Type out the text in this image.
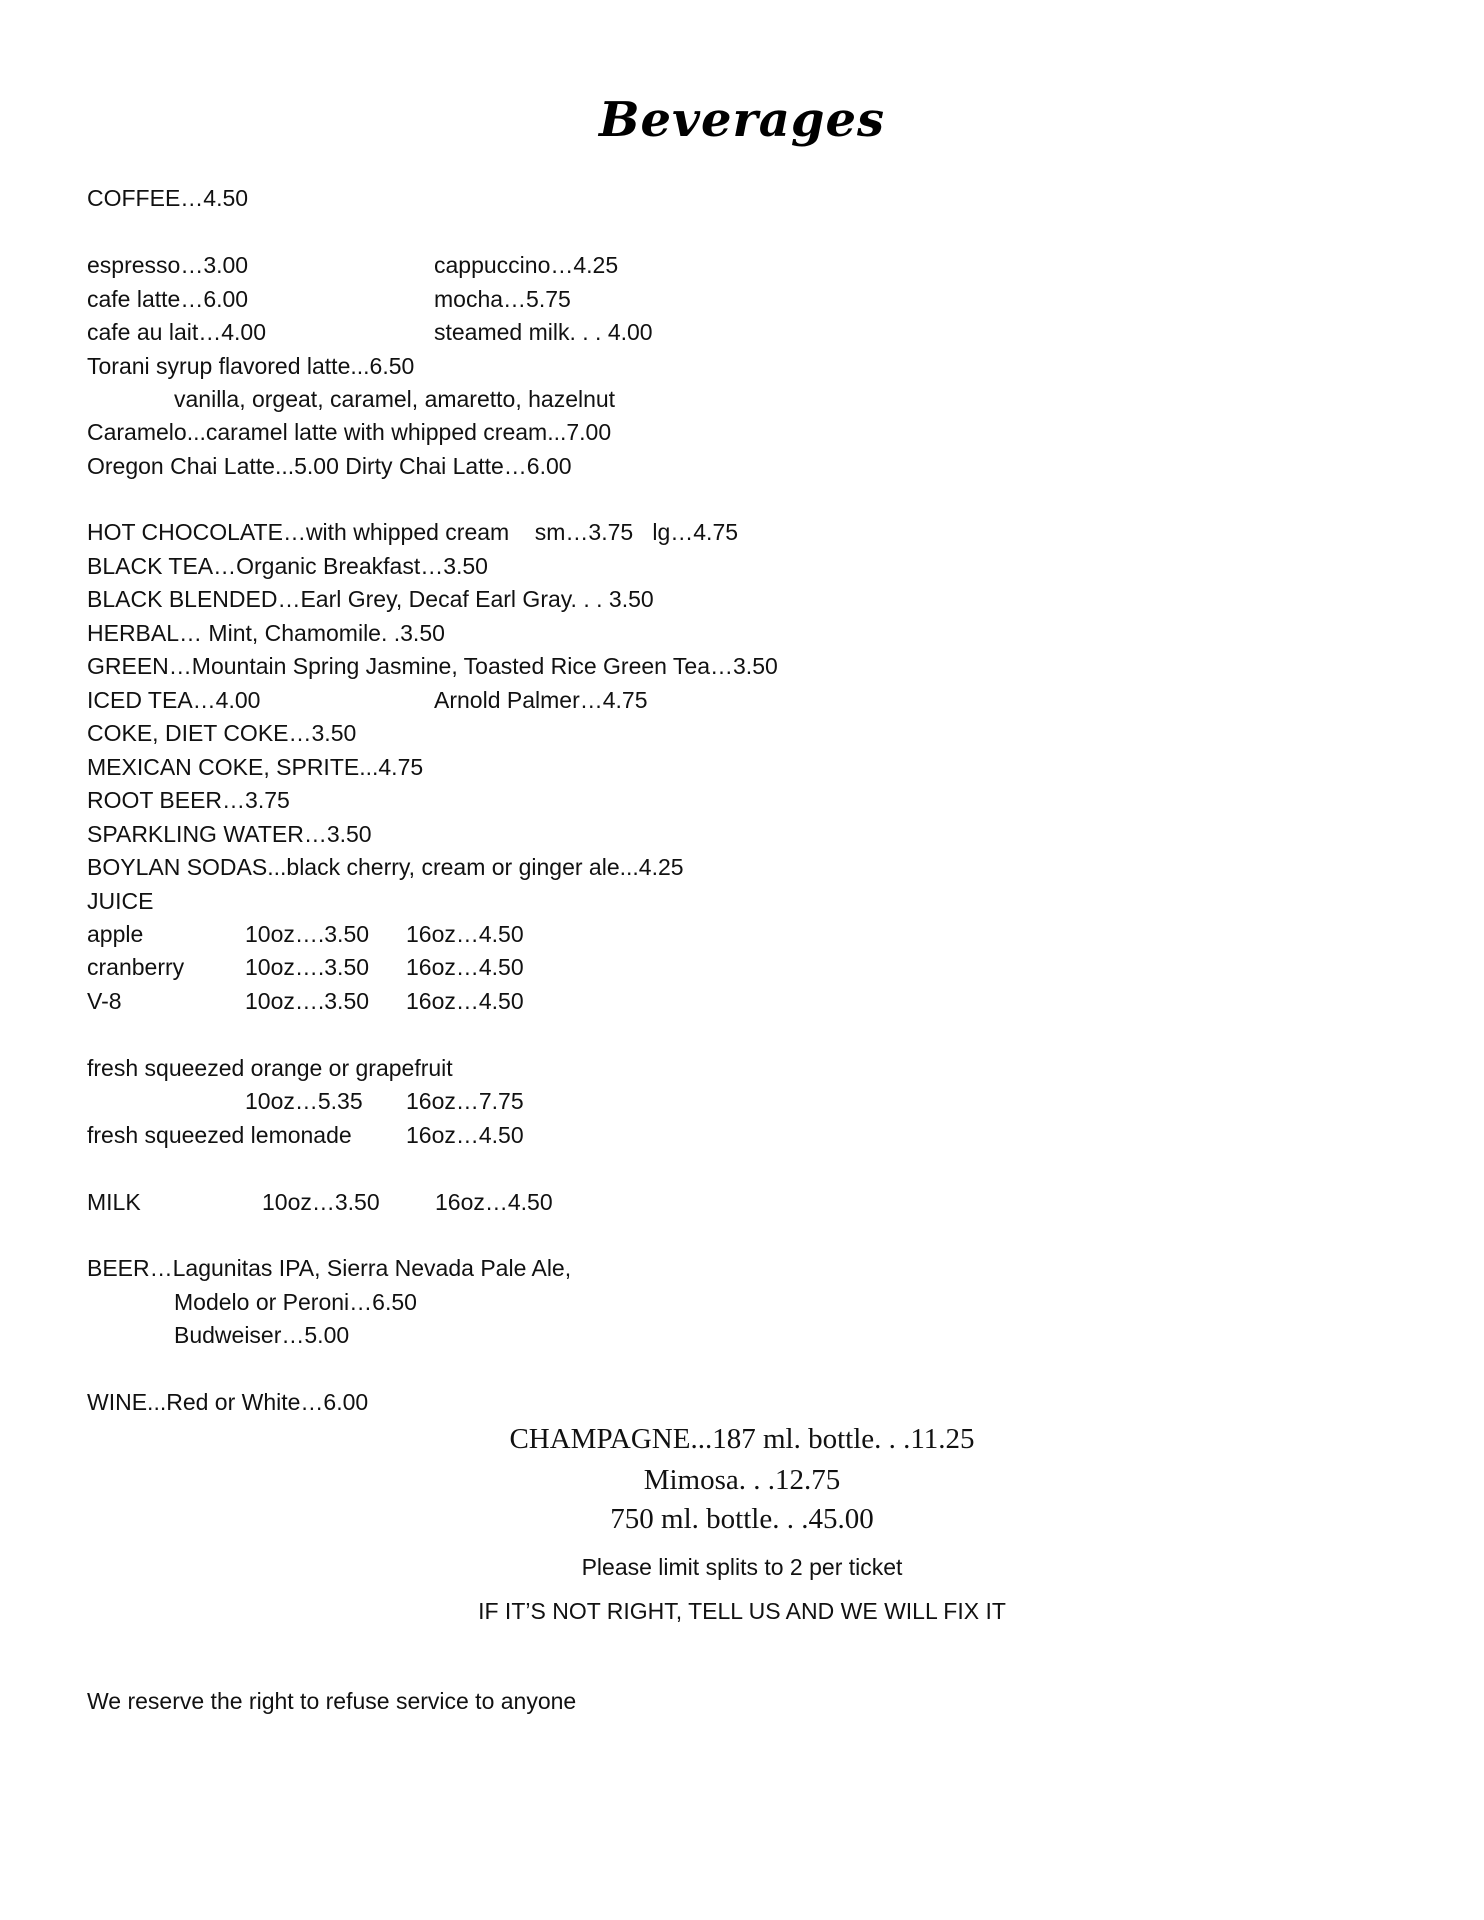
Beverages
COFFEE…4.50
espresso…3.00	cappuccino…4.25
cafe latte…6.00	mocha…5.75
cafe au lait…4.00	steamed milk. . . 4.00
Torani syrup flavored latte...6.50
vanilla, orgeat, caramel, amaretto, hazelnut
Caramelo...caramel latte with whipped cream...7.00
Oregon Chai Latte...5.00 Dirty Chai Latte…6.00
HOT CHOCOLATE…with whipped cream    sm…3.75   lg…4.75
BLACK TEA…Organic Breakfast…3.50
BLACK BLENDED…Earl Grey, Decaf Earl Gray. . . 3.50
HERBAL… Mint, Chamomile. .3.50
GREEN…Mountain Spring Jasmine, Toasted Rice Green Tea…3.50
ICED TEA…4.00	Arnold Palmer…4.75
COKE, DIET COKE…3.50
MEXICAN COKE, SPRITE...4.75
ROOT BEER…3.75
SPARKLING WATER…3.50
BOYLAN SODAS...black cherry, cream or ginger ale...4.25
JUICE
apple	10oz….3.50 16oz…4.50
cranberry	10oz….3.50 16oz…4.50
V-8	10oz….3.50 16oz…4.50
fresh squeezed orange or grapefruit
10oz…5.35 16oz…7.75
fresh squeezed lemonade 16oz…4.50
MILK	10oz…3.50 16oz…4.50
BEER…Lagunitas IPA, Sierra Nevada Pale Ale,
Modelo or Peroni…6.50
Budweiser…5.00
WINE...Red or White…6.00
CHAMPAGNE...187 ml. bottle. . .11.25
Mimosa. . .12.75
750 ml. bottle. . .45.00
Please limit splits to 2 per ticket
IF IT’S NOT RIGHT, TELL US AND WE WILL FIX IT
We reserve the right to refuse service to anyone
